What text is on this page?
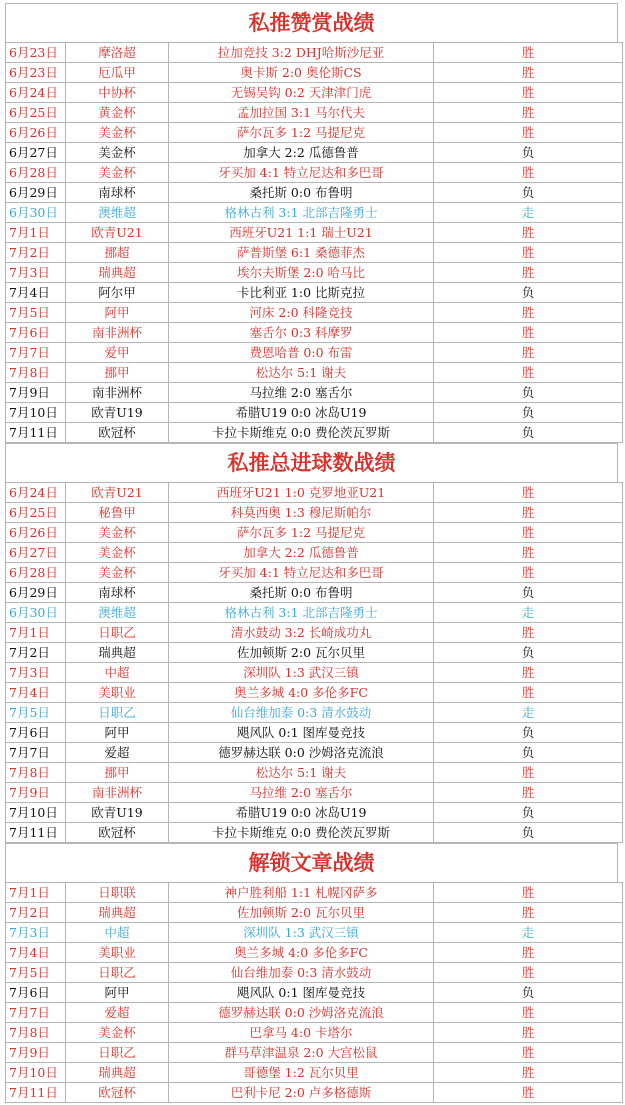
私推赞赏战绩
6月23日	摩洛超	拉加竞技 3:2 DHJ哈斯沙尼亚	胜
6月23日	厄瓜甲	奥卡斯 2:0 奥伦斯CS	胜
6月24日	中协杯	无锡吴钩 0:2 天津津门虎	胜
6月25日	黄金杯	孟加拉国 3:1 马尔代夫	胜
6月26日	美金杯	萨尔瓦多 1:2 马提尼克	胜
6月27日	美金杯	加拿大 2:2 瓜德鲁普	负
6月28日	美金杯	牙买加 4:1 特立尼达和多巴哥	胜
6月29日	南球杯	桑托斯 0:0 布鲁明	负
6月30日	澳维超	格林古利 3:1 北部吉隆勇士	走
7月1日	欧青U21	西班牙U21 1:1 瑞士U21	胜
7月2日	挪超	萨普斯堡 6:1 桑德菲杰	胜
7月3日	瑞典超	埃尔夫斯堡 2:0 哈马比	胜
7月4日	阿尔甲	卡比利亚 1:0 比斯克拉	负
7月5日	阿甲	河床 2:0 科隆竞技	胜
7月6日	南非洲杯	塞舌尔 0:3 科摩罗	胜
7月7日	爱甲	费恩哈普 0:0 布雷	胜
7月8日	挪甲	松达尔 5:1 谢夫	胜
7月9日	南非洲杯	马拉维 2:0 塞舌尔	负
7月10日	欧青U19	希腊U19 0:0 冰岛U19	负
7月11日	欧冠杯	卡拉卡斯维克 0:0 费伦茨瓦罗斯	负
私推总进球数战绩
6月24日	欧青U21	西班牙U21 1:0 克罗地亚U21	胜
6月25日	秘鲁甲	科莫西奥 1:3 穆尼斯帕尔	胜
6月26日	美金杯	萨尔瓦多 1:2 马提尼克	胜
6月27日	美金杯	加拿大 2:2 瓜德鲁普	胜
6月28日	美金杯	牙买加 4:1 特立尼达和多巴哥	胜
6月29日	南球杯	桑托斯 0:0 布鲁明	负
6月30日	澳维超	格林古利 3:1 北部吉隆勇士	走
7月1日	日职乙	清水鼓动 3:2 长崎成功丸	胜
7月2日	瑞典超	佐加顿斯 2:0 瓦尔贝里	负
7月3日	中超	深圳队 1:3 武汉三镇	胜
7月4日	美职业	奥兰多城 4:0 多伦多FC	胜
7月5日	日职乙	仙台维加泰 0:3 清水鼓动	走
7月6日	阿甲	飓风队 0:1 图库曼竞技	负
7月7日	爱超	德罗赫达联 0:0 沙姆洛克流浪	负
7月8日	挪甲	松达尔 5:1 谢夫	胜
7月9日	南非洲杯	马拉维 2:0 塞舌尔	胜
7月10日	欧青U19	希腊U19 0:0 冰岛U19	负
7月11日	欧冠杯	卡拉卡斯维克 0:0 费伦茨瓦罗斯	负
解锁文章战绩
7月1日	日职联	神户胜利船 1:1 札幌冈萨多	胜
7月2日	瑞典超	佐加顿斯 2:0 瓦尔贝里	胜
7月3日	中超	深圳队 1:3 武汉三镇	走
7月4日	美职业	奥兰多城 4:0 多伦多FC	胜
7月5日	日职乙	仙台维加泰 0:3 清水鼓动	胜
7月6日	阿甲	飓风队 0:1 图库曼竞技	负
7月7日	爱超	德罗赫达联 0:0 沙姆洛克流浪	胜
7月8日	美金杯	巴拿马 4:0 卡塔尔	胜
7月9日	日职乙	群马草津温泉 2:0 大宫松鼠	胜
7月10日	瑞典超	哥德堡 1:2 瓦尔贝里	胜
7月11日	欧冠杯	巴利卡尼 2:0 卢多格德斯	胜
